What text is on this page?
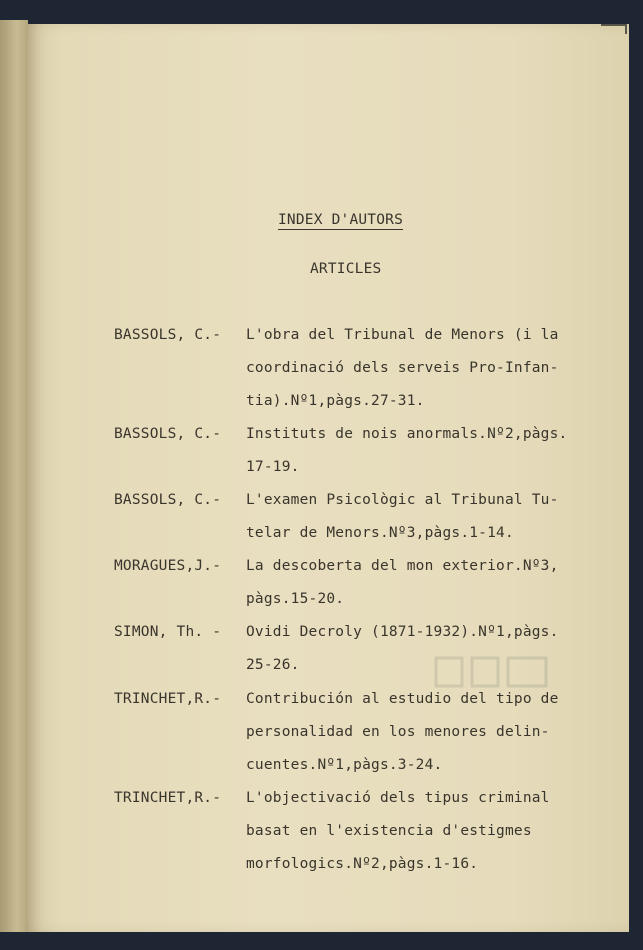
INDEX D'AUTORS
ARTICLES
BASSOLS, C.- L'obra del Tribunal de Menors (i la
coordinació dels serveis Pro-Infan-
tia).Nº1,pàgs.27-31.
BASSOLS, C.- Instituts de nois anormals.Nº2,pàgs.
17-19.
BASSOLS, C.- L'examen Psicològic al Tribunal Tu-
telar de Menors.Nº3,pàgs.1-14.
MORAGUES,J.- La descoberta del mon exterior.Nº3,
pàgs.15-20.
SIMON, Th. - Ovidi Decroly (1871-1932).Nº1,pàgs.
25-26.
TRINCHET,R.- Contribución al estudio del tipo de
personalidad en los menores delin-
cuentes.Nº1,pàgs.3-24.
TRINCHET,R.- L'objectivació dels tipus criminal
basat en l'existencia d'estigmes
morfologics.Nº2,pàgs.1-16.
